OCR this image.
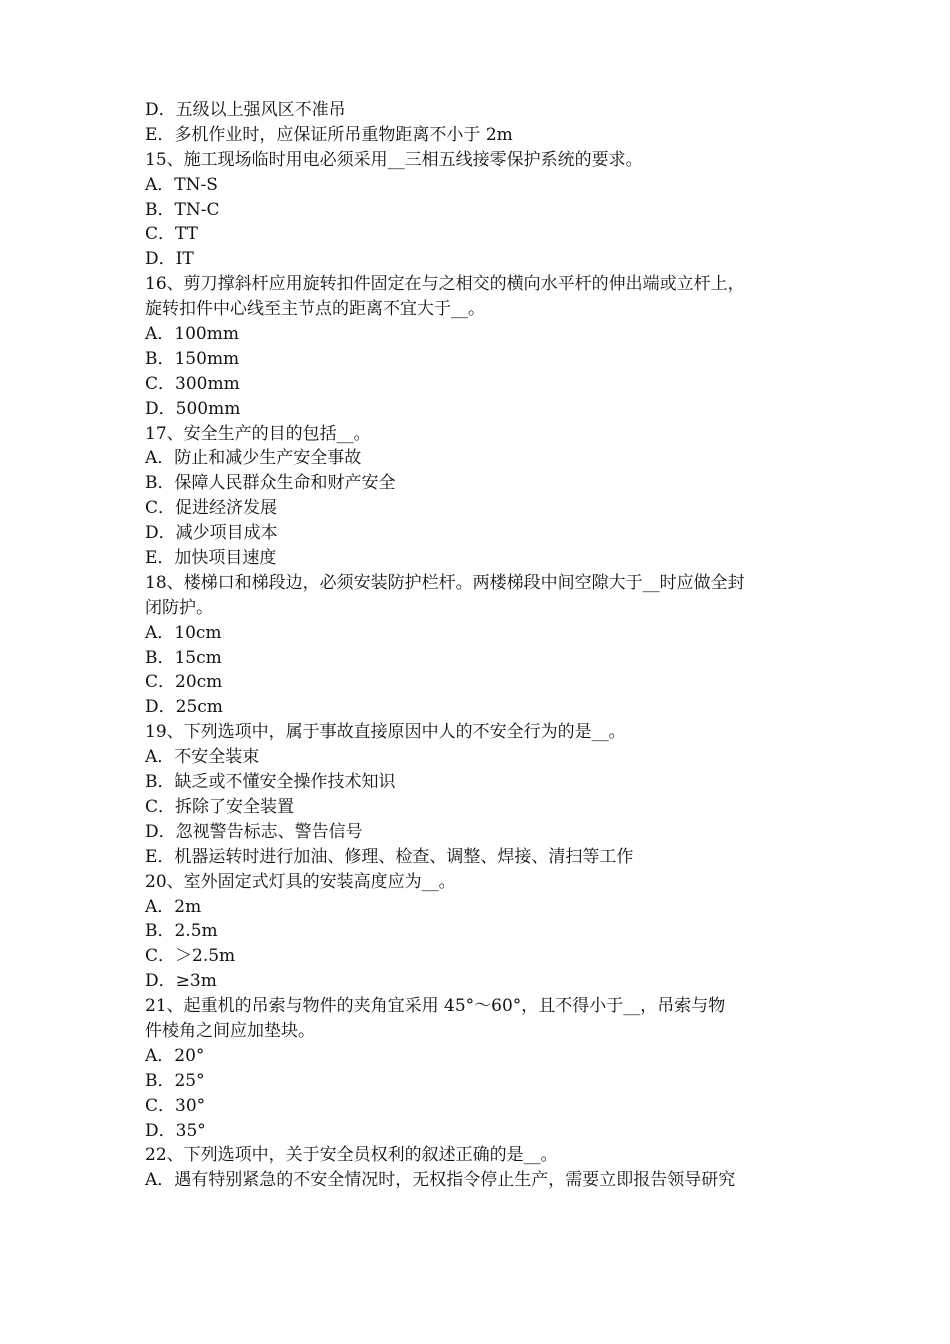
D．五级以上强风区不准吊
E．多机作业时，应保证所吊重物距离不小于 2m
15、施工现场临时用电必须采用__三相五线接零保护系统的要求。
A．TN-S
B．TN-C
C．TT
D．IT
16、剪刀撑斜杆应用旋转扣件固定在与之相交的横向水平杆的伸出端或立杆上，
旋转扣件中心线至主节点的距离不宜大于__。
A．100mm
B．150mm
C．300mm
D．500mm
17、安全生产的目的包括__。
A．防止和减少生产安全事故
B．保障人民群众生命和财产安全
C．促进经济发展
D．减少项目成本
E．加快项目速度
18、楼梯口和梯段边，必须安装防护栏杆。两楼梯段中间空隙大于__时应做全封
闭防护。
A．10cm
B．15cm
C．20cm
D．25cm
19、下列选项中，属于事故直接原因中人的不安全行为的是__。
A．不安全装束
B．缺乏或不懂安全操作技术知识
C．拆除了安全装置
D．忽视警告标志、警告信号
E．机器运转时进行加油、修理、检查、调整、焊接、清扫等工作
20、室外固定式灯具的安装高度应为__。
A．2m
B．2.5m
C．＞2.5m
D．≥3m
21、起重机的吊索与物件的夹角宜采用 45°～60°，且不得小于__，吊索与物
件棱角之间应加垫块。
A．20°
B．25°
C．30°
D．35°
22、下列选项中，关于安全员权利的叙述正确的是__。
A．遇有特别紧急的不安全情况时，无权指令停止生产，需要立即报告领导研究
